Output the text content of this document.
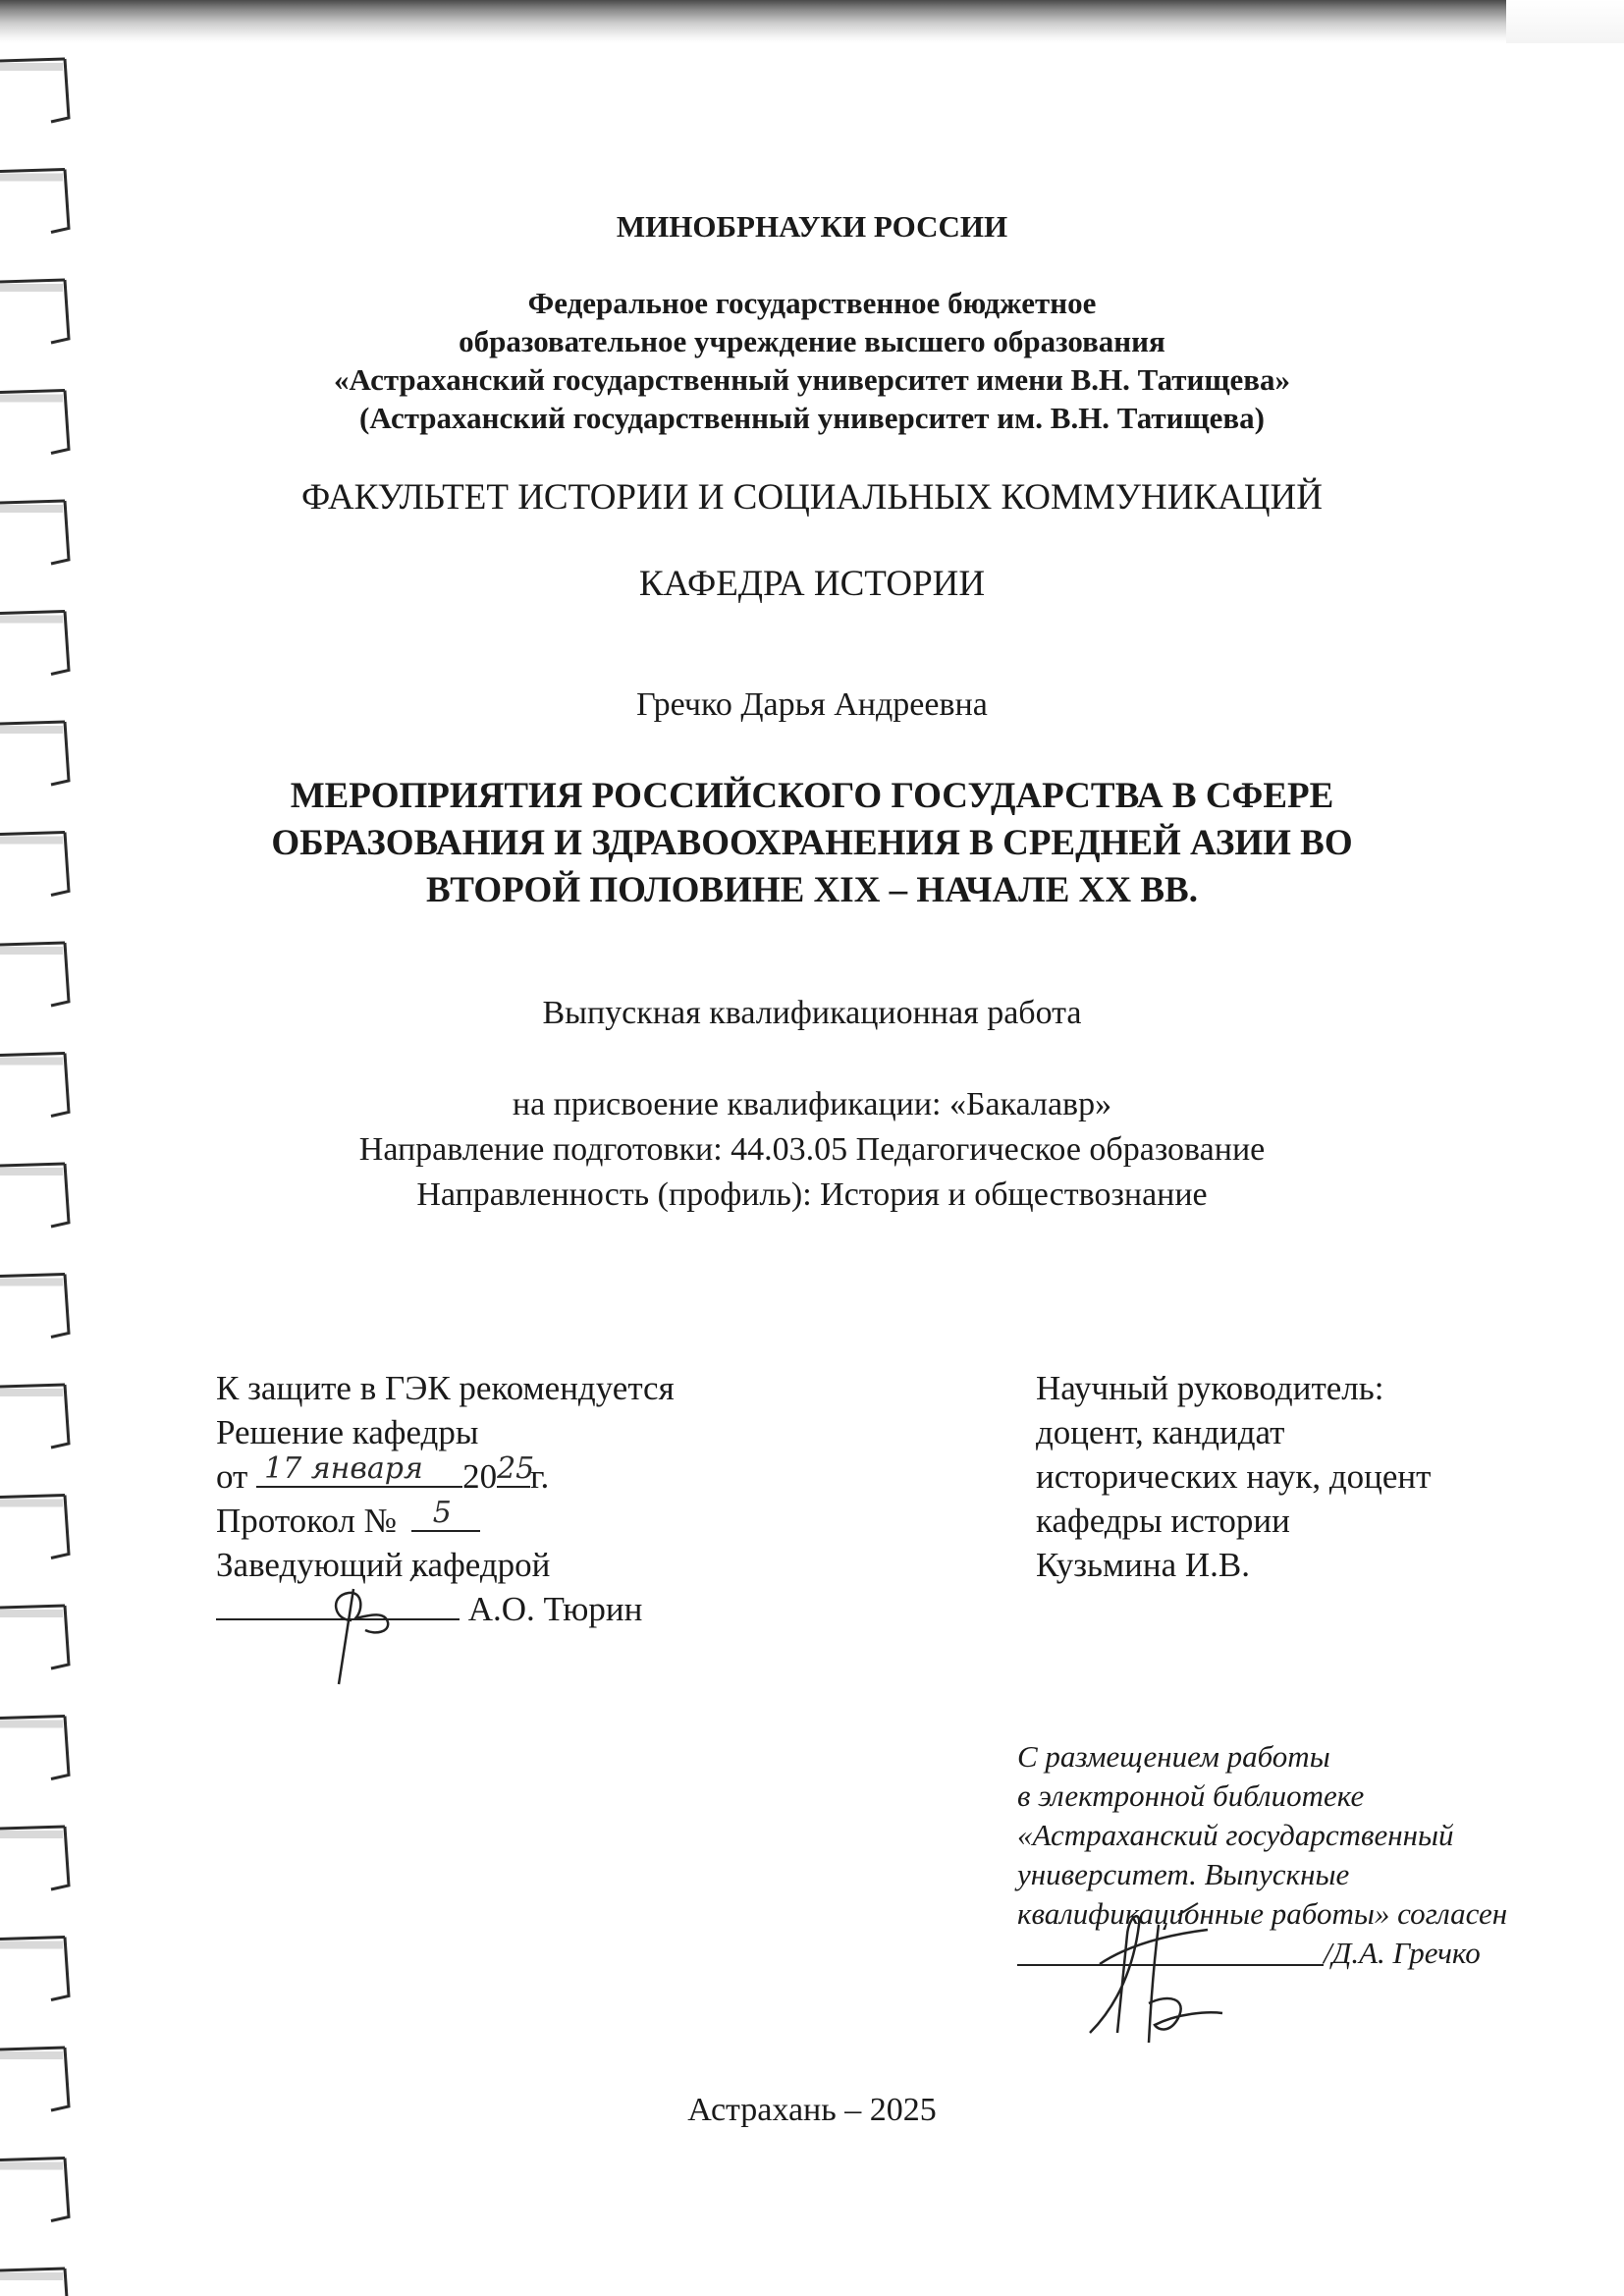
МИНОБРНАУКИ РОССИИ
Федеральное государственное бюджетное
образовательное учреждение высшего образования
«Астраханский государственный университет имени В.Н. Татищева»
(Астраханский государственный университет им. В.Н. Татищева)
ФАКУЛЬТЕТ ИСТОРИИ И СОЦИАЛЬНЫХ КОММУНИКАЦИЙ
КАФЕДРА ИСТОРИИ
Гречко Дарья Андреевна
МЕРОПРИЯТИЯ РОССИЙСКОГО ГОСУДАРСТВА В СФЕРЕ
ОБРАЗОВАНИЯ И ЗДРАВООХРАНЕНИЯ В СРЕДНЕЙ АЗИИ ВО
ВТОРОЙ ПОЛОВИНЕ XIX – НАЧАЛЕ XX ВВ.
Выпускная квалификационная работа
на присвоение квалификации: «Бакалавр»
Направление подготовки: 44.03.05 Педагогическое образование
Направленность (профиль): История и обществознание
К защите в ГЭК рекомендуется
Решение кафедры
от 17 января 20 25
г.
Протокол № 5
Заведующий кафедрой
А.О. Тюрин
Научный руководитель:
доцент, кандидат
исторических наук, доцент
кафедры истории
Кузьмина И.В.
С размещением работы
в электронной библиотеке
«Астраханский государственный
университет. Выпускные
квалификационные работы» согласен
/Д.А. Гречко
Астрахань – 2025
